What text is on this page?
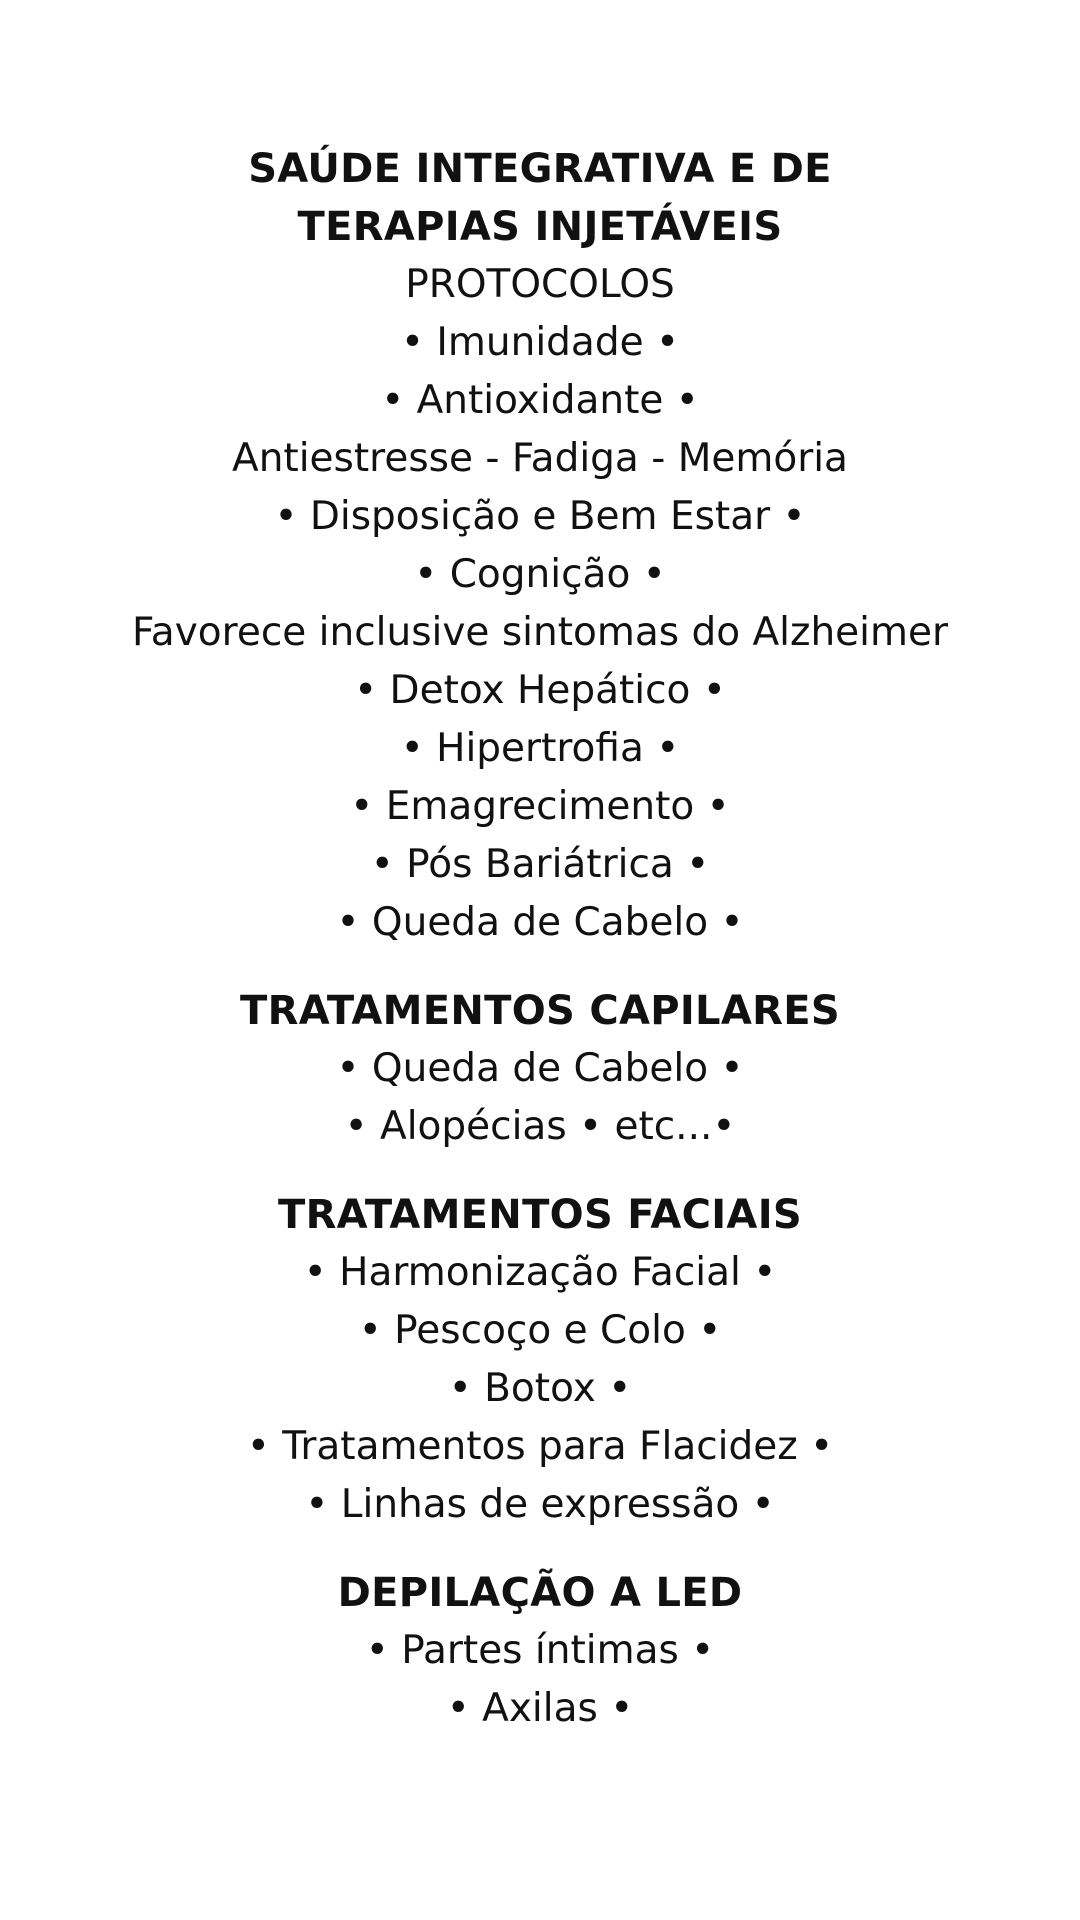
SAÚDE INTEGRATIVA E DE
TERAPIAS INJETÁVEIS

PROTOCOLOS

• Imunidade •

• Antioxidante •

Antiestresse - Fadiga - Memória

• Disposição e Bem Estar •

• Cognição •

Favorece inclusive sintomas do Alzheimer

• Detox Hepático •

• Hipertrofia •

• Emagrecimento •

• Pós Bariátrica •

• Queda de Cabelo •

TRATAMENTOS CAPILARES

• Queda de Cabelo •

• Alopécias • etc...•

TRATAMENTOS FACIAIS

• Harmonização Facial •

• Pescoço e Colo •

• Botox •

• Tratamentos para Flacidez •

• Linhas de expressão •

DEPILAÇÃO A LED

• Partes íntimas •

• Axilas •
